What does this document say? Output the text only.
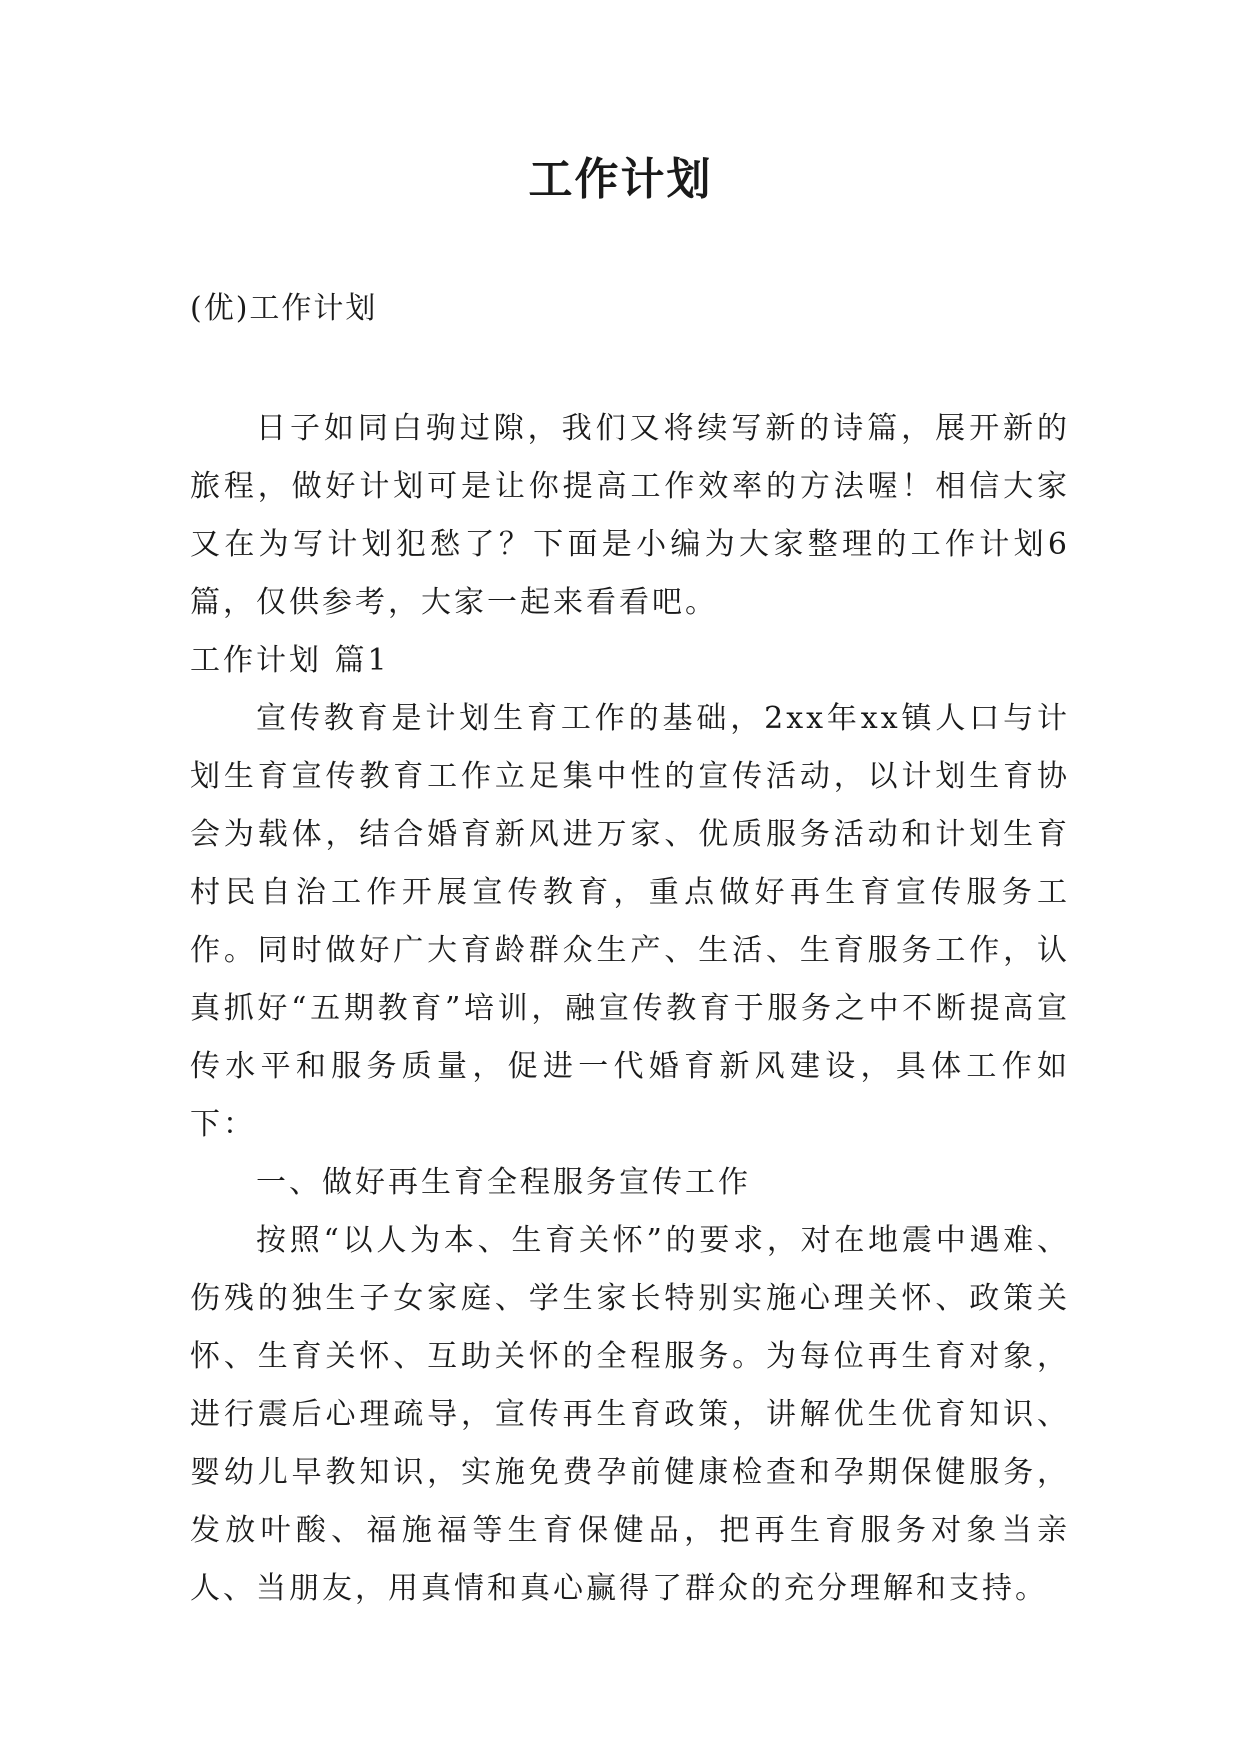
工作计划

(优)工作计划

日子如同白驹过隙，我们又将续写新的诗篇，展开新的旅程，做好计划可是让你提高工作效率的方法喔！相信大家又在为写计划犯愁了？下面是小编为大家整理的工作计划6篇，仅供参考，大家一起来看看吧。

工作计划 篇1

宣传教育是计划生育工作的基础，2xx年xx镇人口与计划生育宣传教育工作立足集中性的宣传活动，以计划生育协会为载体，结合婚育新风进万家、优质服务活动和计划生育村民自治工作开展宣传教育，重点做好再生育宣传服务工作。同时做好广大育龄群众生产、生活、生育服务工作，认真抓好“五期教育”培训，融宣传教育于服务之中不断提高宣传水平和服务质量，促进一代婚育新风建设，具体工作如下：

一、做好再生育全程服务宣传工作

按照“以人为本、生育关怀”的要求，对在地震中遇难、伤残的独生子女家庭、学生家长特别实施心理关怀、政策关怀、生育关怀、互助关怀的全程服务。为每位再生育对象，进行震后心理疏导，宣传再生育政策，讲解优生优育知识、婴幼儿早教知识，实施免费孕前健康检查和孕期保健服务，发放叶酸、福施福等生育保健品，把再生育服务对象当亲人、当朋友，用真情和真心赢得了群众的充分理解和支持。
